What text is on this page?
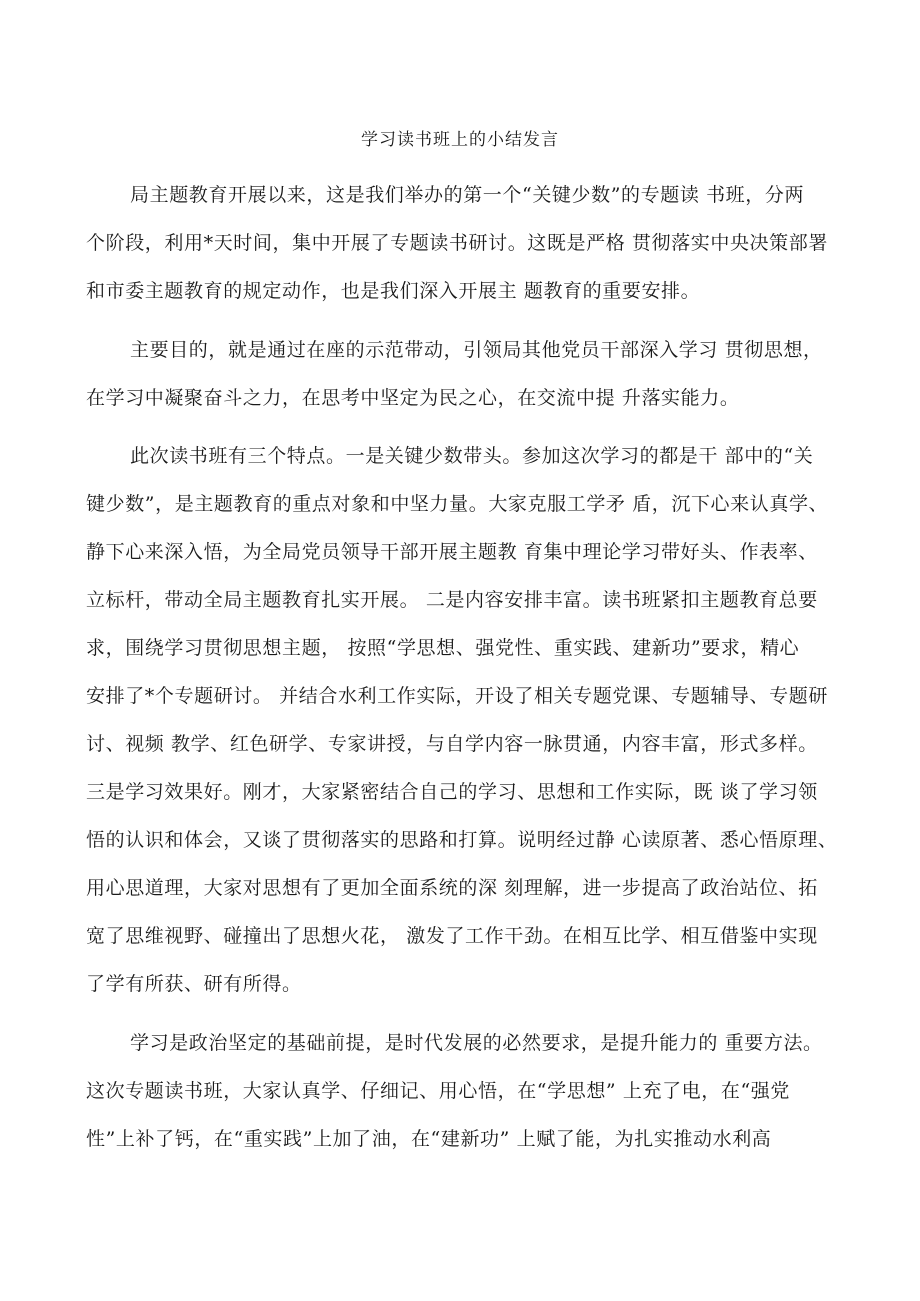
学习读书班上的小结发言
局主题教育开展以来，这是我们举办的第一个“关键少数”的专题读 书班，分两
个阶段，利用*天时间，集中开展了专题读书研讨。这既是严格 贯彻落实中央决策部署
和市委主题教育的规定动作，也是我们深入开展主 题教育的重要安排。
主要目的，就是通过在座的示范带动，引领局其他党员干部深入学习 贯彻思想，
在学习中凝聚奋斗之力，在思考中坚定为民之心，在交流中提 升落实能力。
此次读书班有三个特点。一是关键少数带头。参加这次学习的都是干 部中的“关
键少数”，是主题教育的重点对象和中坚力量。大家克服工学矛 盾，沉下心来认真学、
静下心来深入悟，为全局党员领导干部开展主题教 育集中理论学习带好头、作表率、
立标杆，带动全局主题教育扎实开展。 二是内容安排丰富。读书班紧扣主题教育总要
求，围绕学习贯彻思想主题， 按照“学思想、强党性、重实践、建新功”要求，精心
安排了*个专题研讨。 并结合水利工作实际，开设了相关专题党课、专题辅导、专题研
讨、视频 教学、红色研学、专家讲授，与自学内容一脉贯通，内容丰富，形式多样。
三是学习效果好。刚才，大家紧密结合自己的学习、思想和工作实际，既 谈了学习领
悟的认识和体会，又谈了贯彻落实的思路和打算。说明经过静 心读原著、悉心悟原理、
用心思道理，大家对思想有了更加全面系统的深 刻理解，进一步提高了政治站位、拓
宽了思维视野、碰撞出了思想火花， 激发了工作干劲。在相互比学、相互借鉴中实现
了学有所获、研有所得。
学习是政治坚定的基础前提，是时代发展的必然要求，是提升能力的 重要方法。
这次专题读书班，大家认真学、仔细记、用心悟，在“学思想” 上充了电，在“强党
性”上补了钙，在“重实践”上加了油，在“建新功” 上赋了能，为扎实推动水利高
